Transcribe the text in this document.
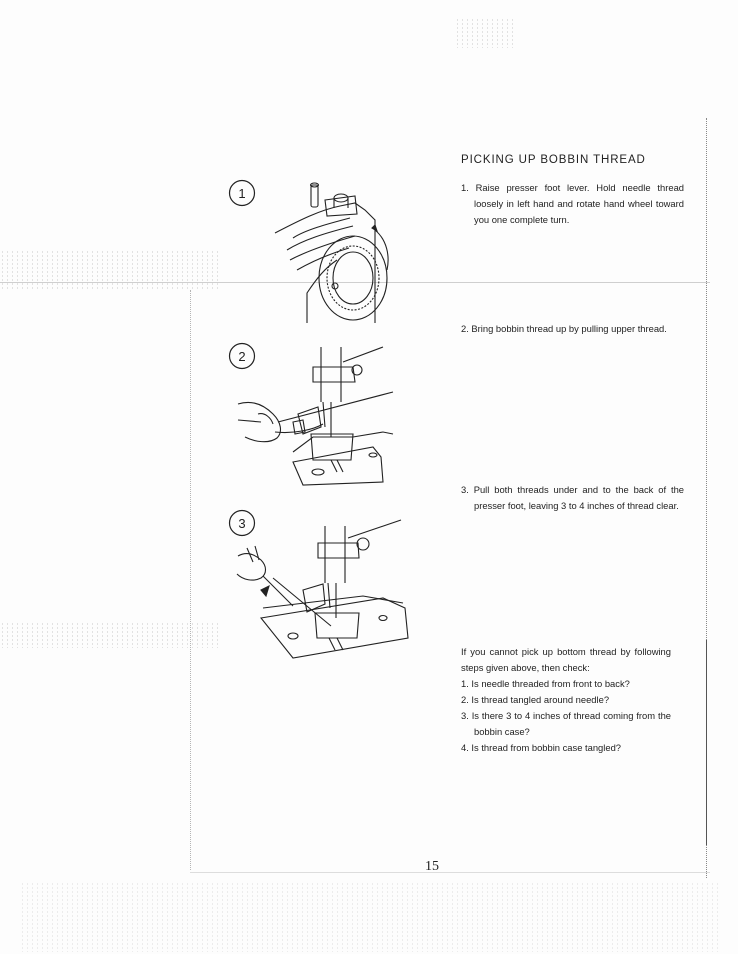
1
2
3
PICKING UP BOBBIN THREAD

1. Raise presser foot lever. Hold needle thread loosely in left hand and rotate hand wheel toward you one complete turn.

2. Bring bobbin thread up by pulling upper thread.

3. Pull both threads under and to the back of the presser foot, leaving 3 to 4 inches of thread clear.

If you cannot pick up bottom thread by following steps given above, then check:

1. Is needle threaded from front to back?
2. Is thread tangled around needle?
3. Is there 3 to 4 inches of thread coming from the bobbin case?
4. Is thread from bobbin case tangled?
15
